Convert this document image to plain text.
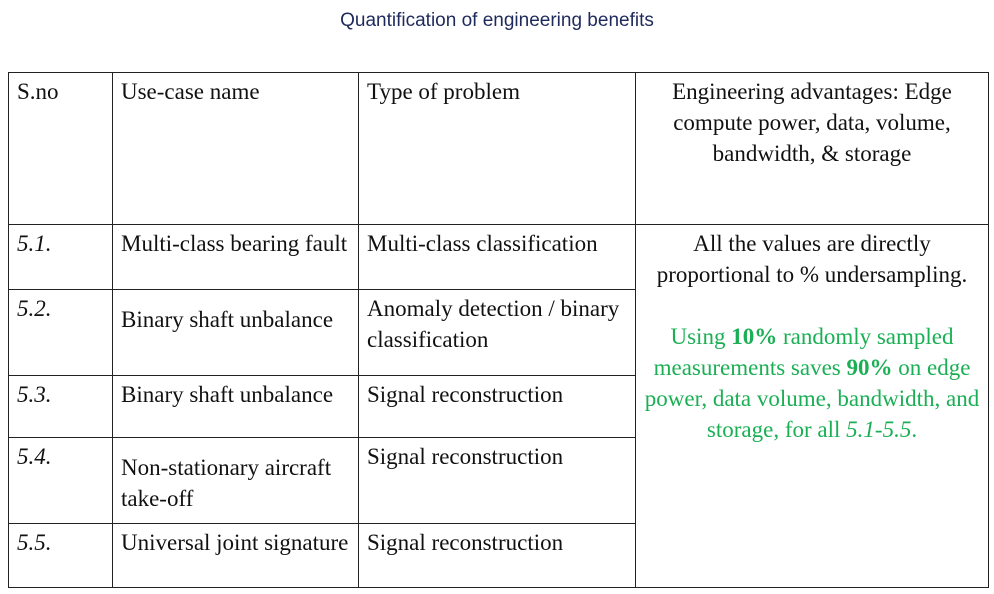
Quantification of engineering benefits
S.no	Use-case name	Type of problem	Engineering advantages: Edge compute power, data, volume, bandwidth, & storage
5.1.	Multi-class bearing fault	Multi-class classification	All the values are directly proportional to % undersampling.
Using 10% randomly sampled measurements saves 90% on edge power, data volume, bandwidth, and storage, for all 5.1-5.5.

5.2.	Binary shaft unbalance	Anomaly detection / binary classification	
5.3.	Binary shaft unbalance	Signal reconstruction	
5.4.	Non-stationary aircraft take-off	Signal reconstruction	
5.5.	Universal joint signature	Signal reconstruction	
